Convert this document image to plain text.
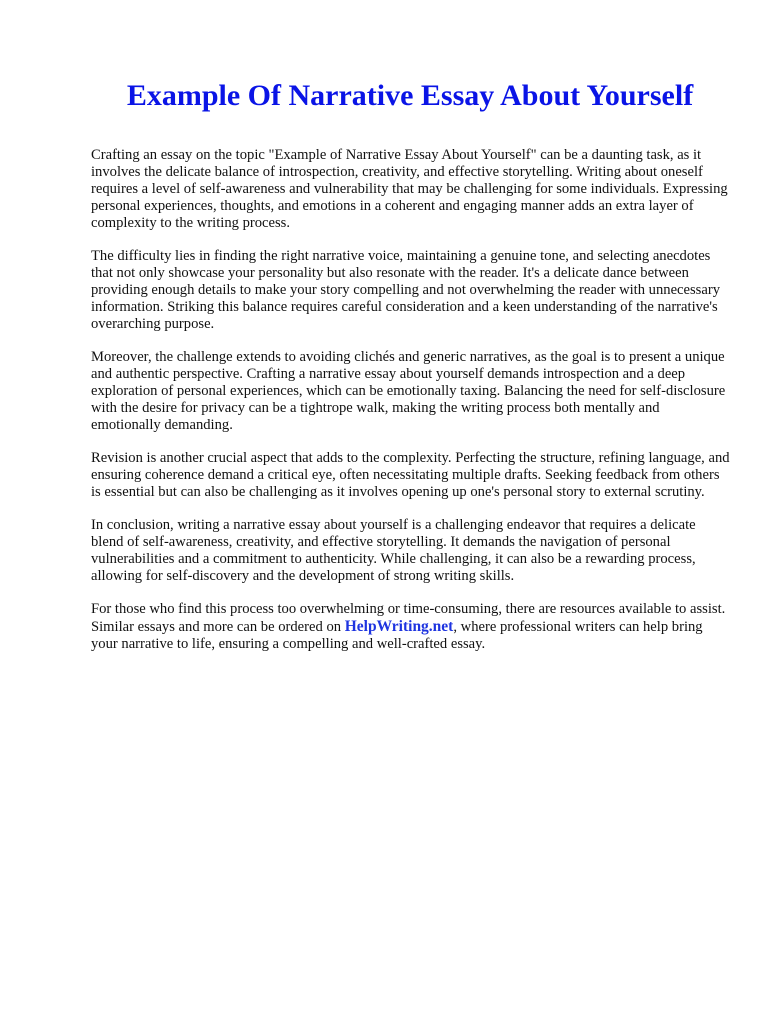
Example Of Narrative Essay About Yourself

Crafting an essay on the topic "Example of Narrative Essay About Yourself" can be a daunting task, as it involves the delicate balance of introspection, creativity, and effective storytelling. Writing about oneself requires a level of self-awareness and vulnerability that may be challenging for some individuals. Expressing personal experiences, thoughts, and emotions in a coherent and engaging manner adds an extra layer of complexity to the writing process.

The difficulty lies in finding the right narrative voice, maintaining a genuine tone, and selecting anecdotes that not only showcase your personality but also resonate with the reader. It's a delicate dance between providing enough details to make your story compelling and not overwhelming the reader with unnecessary information. Striking this balance requires careful consideration and a keen understanding of the narrative's overarching purpose.

Moreover, the challenge extends to avoiding clichés and generic narratives, as the goal is to present a unique and authentic perspective. Crafting a narrative essay about yourself demands introspection and a deep exploration of personal experiences, which can be emotionally taxing. Balancing the need for self-disclosure with the desire for privacy can be a tightrope walk, making the writing process both mentally and emotionally demanding.

Revision is another crucial aspect that adds to the complexity. Perfecting the structure, refining language, and ensuring coherence demand a critical eye, often necessitating multiple drafts. Seeking feedback from others is essential but can also be challenging as it involves opening up one's personal story to external scrutiny.

In conclusion, writing a narrative essay about yourself is a challenging endeavor that requires a delicate blend of self-awareness, creativity, and effective storytelling. It demands the navigation of personal vulnerabilities and a commitment to authenticity. While challenging, it can also be a rewarding process, allowing for self-discovery and the development of strong writing skills.

For those who find this process too overwhelming or time-consuming, there are resources available to assist. Similar essays and more can be ordered on HelpWriting.net, where professional writers can help bring your narrative to life, ensuring a compelling and well-crafted essay.
